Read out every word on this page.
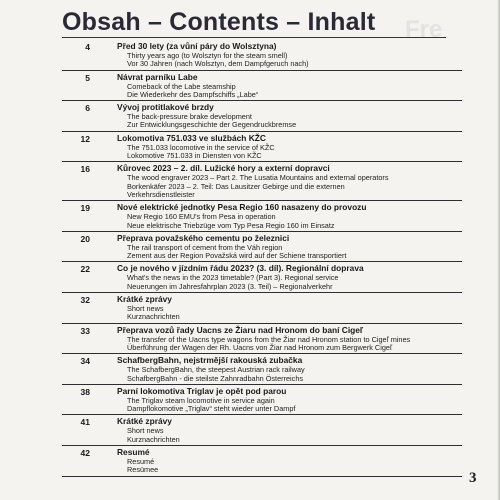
Obsah – Contents – Inhalt Fre
4	Před 30 lety (za vůní páry do Wolsztyna)
Thirty years ago (to Wolsztyn for the steam smell)
Vor 30 Jahren (nach Wolsztyn, dem Dampfgeruch nach)
5	Návrat parníku Labe
Comeback of the Labe steamship
Die Wiederkehr des Dampfschiffs „Labe“
6	Vývoj protitlakové brzdy
The back-pressure brake development
Zur Entwicklungsgeschichte der Gegendruckbremse
12	Lokomotiva 751.033 ve službách KŽC
The 751.033 locomotive in the service of KŽC
Lokomotive 751.033 in Diensten von KŽC
16	Kůrovec 2023 – 2. díl. Lužické hory a externí dopravci
The wood engraver 2023 – Part 2. The Lusatia Mountains and external operators
Borkenkäfer 2023 – 2. Teil: Das Lausitzer Gebirge und die externen
Verkehrsdienstleister
19	Nové elektrické jednotky Pesa Regio 160 nasazeny do provozu
New Regio 160 EMU's from Pesa in operation
Neue elektrische Triebzüge vom Typ Pesa Regio 160 im Einsatz
20	Přeprava považského cementu po železnici
The rail transport of cement from the Váh region
Zement aus der Region Považská wird auf der Schiene transportiert
22	Co je nového v jízdním řádu 2023? (3. díl). Regionální doprava
What's the news in the 2023 timetable? (Part 3). Regional service
Neuerungen im Jahresfahrplan 2023 (3. Teil) – Regionalverkehr
32	Krátké zprávy
Short news
Kurznachrichten
33	Přeprava vozů řady Uacns ze Žiaru nad Hronom do baní Cigeľ
The transfer of the Uacns type wagons from the Žiar nad Hronom station to Cigeľ mines
Überführung der Wagen der Rh. Uacns von Žiar nad Hronom zum Bergwerk Cigeľ
34	SchafbergBahn, nejstrmější rakouská zubačka
The SchafbergBahn, the steepest Austrian rack railway
SchafbergBahn - die steilste Zahnradbahn Österreichs
38	Parní lokomotiva Triglav je opět pod parou
The Triglav steam locomotive in service again
Dampflokomotive „Triglav“ steht wieder unter Dampf
41	Krátké zprávy
Short news
Kurznachrichten
42	Resumé
Resumé
Resümee
3
